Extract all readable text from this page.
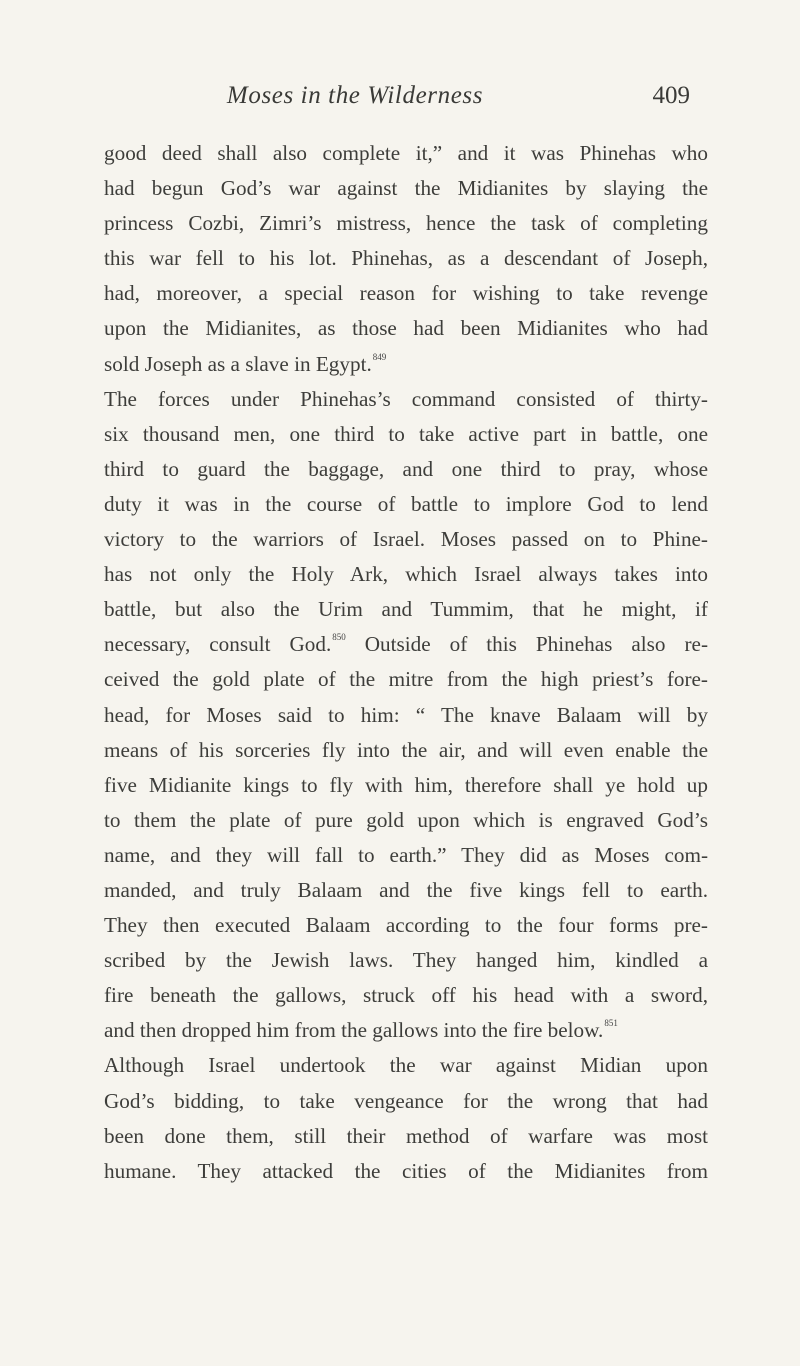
Moses in the Wilderness	409
good deed shall also complete it,” and it was Phinehas who
had begun God’s war against the Midianites by slaying the
princess Cozbi, Zimri’s mistress, hence the task of completing
this war fell to his lot. Phinehas, as a descendant of Joseph,
had, moreover, a special reason for wishing to take revenge
upon the Midianites, as those had been Midianites who had
sold Joseph as a slave in Egypt.$^{849}$
The forces under Phinehas’s command consisted of thirty-
six thousand men, one third to take active part in battle, one
third to guard the baggage, and one third to pray, whose
duty it was in the course of battle to implore God to lend
victory to the warriors of Israel. Moses passed on to Phine-
has not only the Holy Ark, which Israel always takes into
battle, but also the Urim and Tummim, that he might, if
necessary, consult God.$^{850}$ Outside of this Phinehas also re-
ceived the gold plate of the mitre from the high priest’s fore-
head, for Moses said to him: “ The knave Balaam will by
means of his sorceries fly into the air, and will even enable the
five Midianite kings to fly with him, therefore shall ye hold up
to them the plate of pure gold upon which is engraved God’s
name, and they will fall to earth.” They did as Moses com-
manded, and truly Balaam and the five kings fell to earth.
They then executed Balaam according to the four forms pre-
scribed by the Jewish laws. They hanged him, kindled a
fire beneath the gallows, struck off his head with a sword,
and then dropped him from the gallows into the fire below.$^{851}$
Although Israel undertook the war against Midian upon
God’s bidding, to take vengeance for the wrong that had
been done them, still their method of warfare was most
humane. They attacked the cities of the Midianites from
